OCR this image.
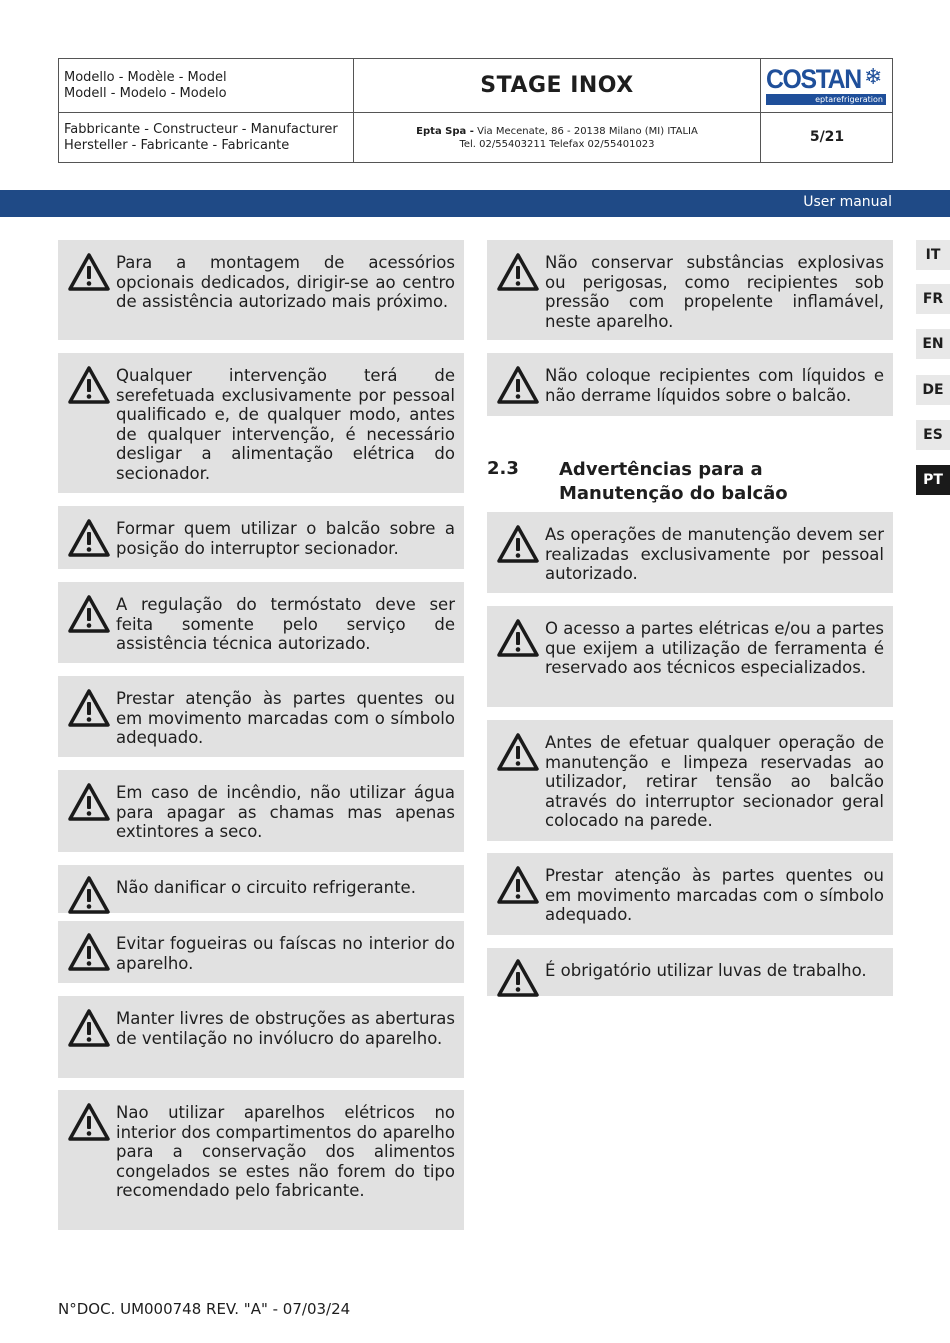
Modello - Modèle - Model
Modell - Modelo - Modelo	STAGE INOX	COSTAN ❄
eptarefrigeration
Fabbricante - Constructeur - Manufacturer
Hersteller - Fabricante - Fabricante
Epta Spa - Via Mecenate, 86 - 20138 Milano (MI) ITALIA
Tel. 02/55403211 Telefax 02/55401023	5/21
User manual
IT
FR
EN
DE
ES
PT
Para a montagem de acessórios opcionais dedicados, dirigir-se ao centro de assistência autorizado mais próximo.
Qualquer intervenção terá de serefetuada exclusivamente por pessoal qualificado e, de qualquer modo, antes de qualquer intervenção, é necessário desligar a alimentação elétrica do secionador.
Formar quem utilizar o balcão sobre a posição do interruptor secionador.
A regulação do termóstato deve ser feita somente pelo serviço de assistência técnica autorizado.
Prestar atenção às partes quentes ou em movimento marcadas com o símbolo adequado.
Em caso de incêndio, não utilizar água para apagar as chamas mas apenas extintores a seco.
Não danificar o circuito refrigerante.
Evitar fogueiras ou faíscas no interior do aparelho.
Manter livres de obstruções as aberturas de ventilação no invólucro do aparelho.
Nao utilizar aparelhos elétricos no interior dos compartimentos do aparelho para a conservação dos alimentos congelados se estes não forem do tipo recomendado pelo fabricante.
Não conservar substâncias explosivas ou perigosas, como recipientes sob pressão com propelente inflamável, neste aparelho.
Não coloque recipientes com líquidos e não derrame líquidos sobre o balcão.
As operações de manutenção devem ser realizadas exclusivamente por pessoal autorizado.
O acesso a partes elétricas e/ou a partes que exijem a utilização de ferramenta é reservado aos técnicos especializados.
Antes de efetuar qualquer operação de manutenção e limpeza reservadas ao utilizador, retirar tensão ao balcão através do interruptor secionador geral colocado na parede.
Prestar atenção às partes quentes ou em movimento marcadas com o símbolo adequado.
É obrigatório utilizar luvas de trabalho.
2.3 Advertências para a Manutenção do balcão
N°DOC. UM000748 REV. "A" - 07/03/24
